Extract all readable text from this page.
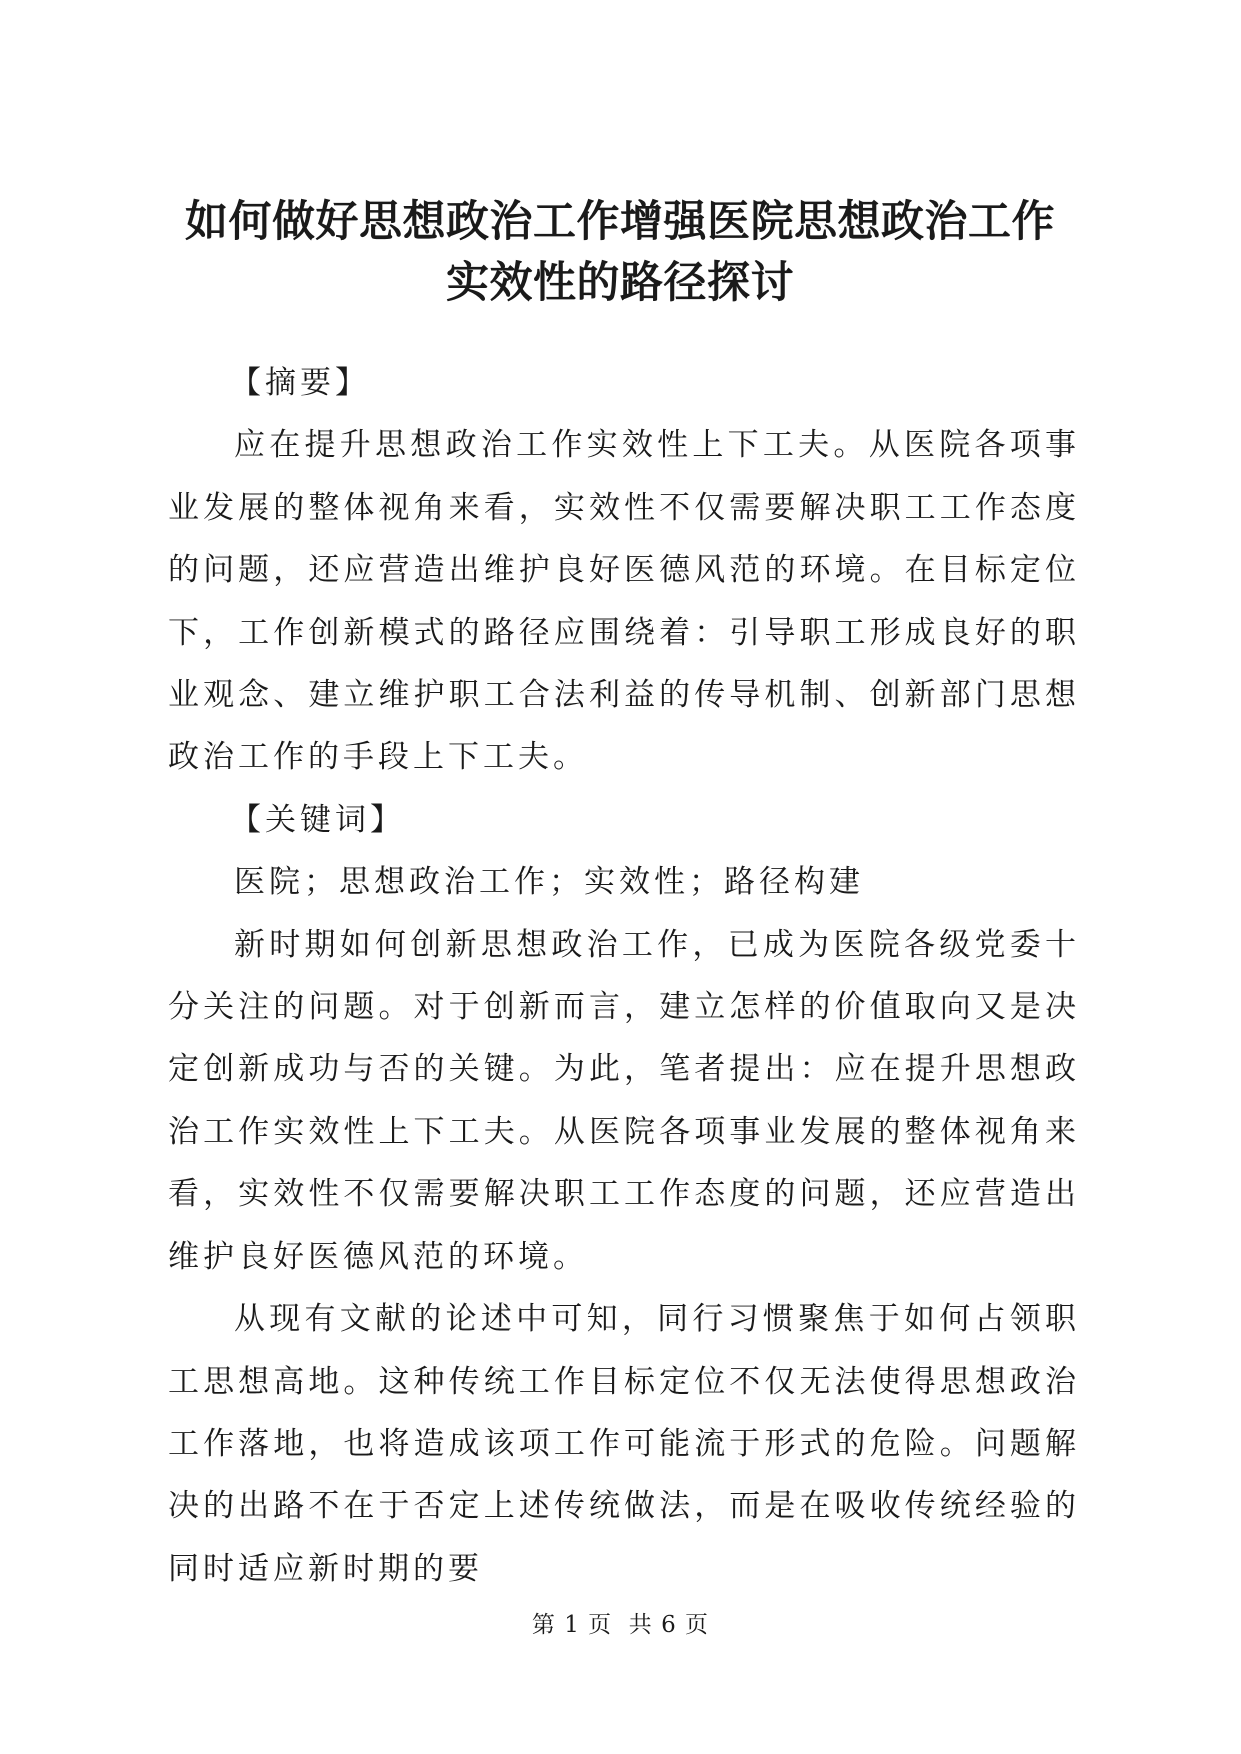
如何做好思想政治工作增强医院思想政治工作
实效性的路径探讨

【摘要】

应在提升思想政治工作实效性上下工夫。从医院各项事业发展的整体视角来看，实效性不仅需要解决职工工作态度的问题，还应营造出维护良好医德风范的环境。在目标定位下，工作创新模式的路径应围绕着：引导职工形成良好的职业观念、建立维护职工合法利益的传导机制、创新部门思想政治工作的手段上下工夫。

【关键词】

医院；思想政治工作；实效性；路径构建

新时期如何创新思想政治工作，已成为医院各级党委十分关注的问题。对于创新而言，建立怎样的价值取向又是决定创新成功与否的关键。为此，笔者提出：应在提升思想政治工作实效性上下工夫。从医院各项事业发展的整体视角来看，实效性不仅需要解决职工工作态度的问题，还应营造出维护良好医德风范的环境。

从现有文献的论述中可知，同行习惯聚焦于如何占领职工思想高地。这种传统工作目标定位不仅无法使得思想政治工作落地，也将造成该项工作可能流于形式的危险。问题解决的出路不在于否定上述传统做法，而是在吸收传统经验的同时适应新时期的要

第 1 页  共 6 页
